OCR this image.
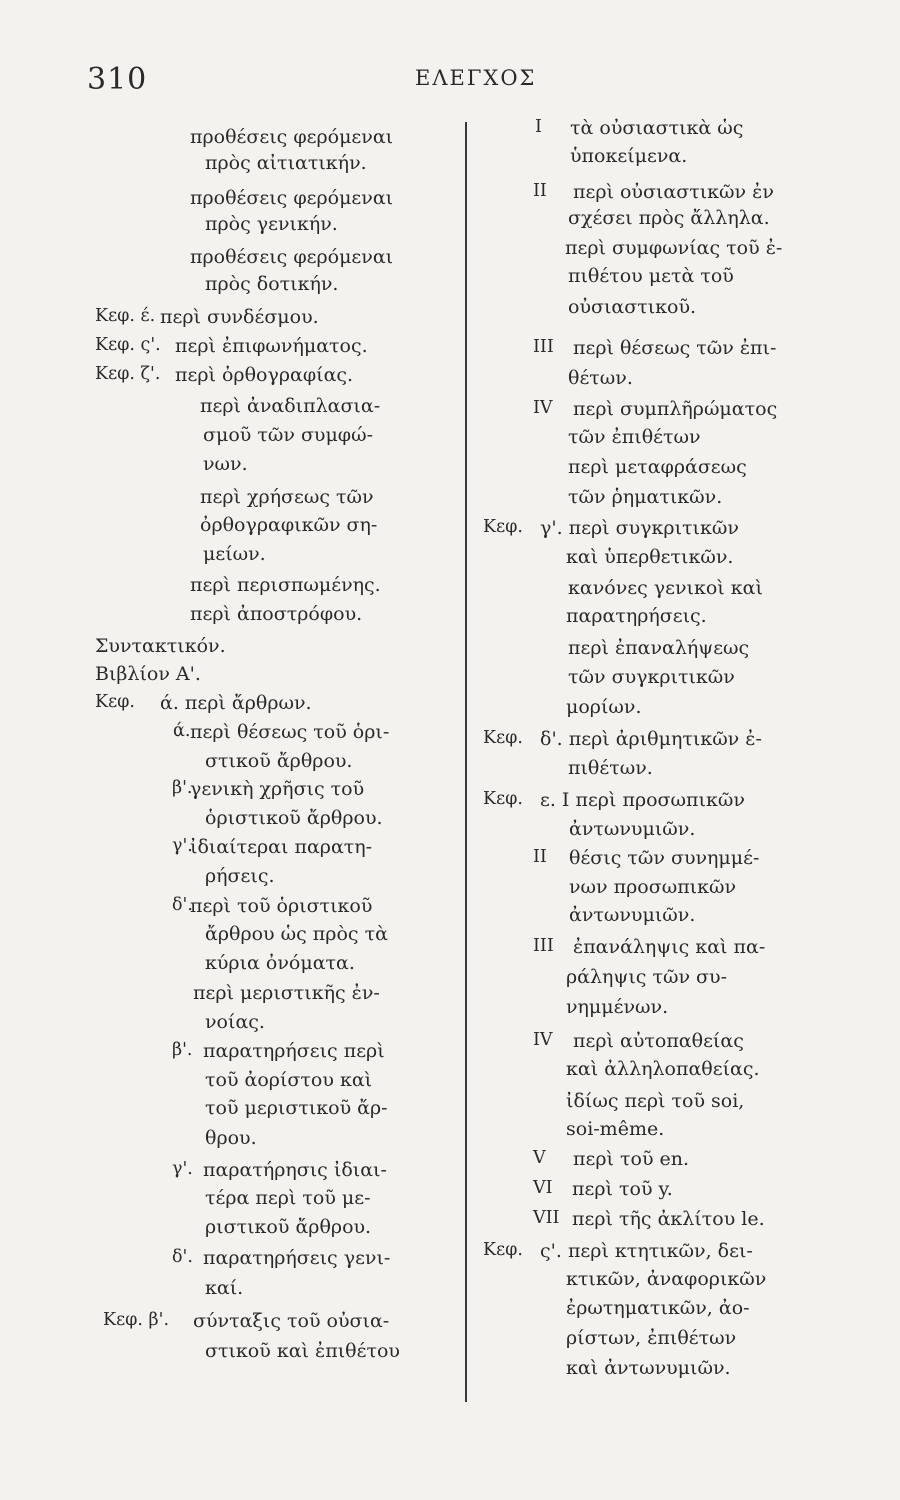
310	ΕΛΕΓΧΟΣ
προθέσεις φερόμεναι
πρὸς αἰτιατικήν.
προθέσεις φερόμεναι
πρὸς γενικήν.
προθέσεις φερόμεναι
πρὸς δοτικήν.
Κεφ. έ. περὶ συνδέσμου.
Κεφ. ς'. περὶ ἐπιφωνήματος.
Κεφ. ζ'. περὶ ὀρθογραφίας.
περὶ ἀναδιπλασια-
σμοῦ τῶν συμφώ-
νων.
περὶ χρήσεως τῶν
ὀρθογραφικῶν ση-
μείων.
περὶ περισπωμένης.
περὶ ἀποστρόφου.
Συντακτικόν.
Βιβλίον Α'.
Κεφ. ά. περὶ ἄρθρων.
ά. περὶ θέσεως τοῦ ὁρι-
στικοῦ ἄρθρου.
β'.
γενικὴ χρῆσις τοῦ
ὁριστικοῦ ἄρθρου.
γ'.
ἰδιαίτεραι παρατη-
ρήσεις.
δ'.
περὶ τοῦ ὁριστικοῦ
ἄρθρου ὡς πρὸς τὰ
κύρια ὀνόματα.
περὶ μεριστικῆς ἐν-
νοίας.
β'. παρατηρήσεις περὶ
τοῦ ἀορίστου καὶ
τοῦ μεριστικοῦ ἄρ-
θρου.
γ'. παρατήρησις ἰδιαι-
τέρα περὶ τοῦ με-
ριστικοῦ ἄρθρου.
δ'. παρατηρήσεις γενι-
καί.
Κεφ. β'. σύνταξις τοῦ οὐσια-
στικοῦ καὶ ἐπιθέτου
I τὰ οὐσιαστικὰ ὡς
ὑποκείμενα.
II περὶ οὐσιαστικῶν ἐν
σχέσει πρὸς ἄλληλα.
περὶ συμφωνίας τοῦ ἐ-
πιθέτου μετὰ τοῦ
οὐσιαστικοῦ.
III περὶ θέσεως τῶν ἐπι-
θέτων.
IV περὶ συμπλῆρώματος
τῶν ἐπιθέτων
περὶ μεταφράσεως
τῶν ῥηματικῶν.
Κεφ. γ'. περὶ συγκριτικῶν
καὶ ὑπερθετικῶν.
κανόνες γενικοὶ καὶ
παρατηρήσεις.
περὶ ἐπαναλήψεως
τῶν συγκριτικῶν
μορίων.
Κεφ. δ'. περὶ ἀριθμητικῶν ἐ-
πιθέτων.
Κεφ. ε. I περὶ προσωπικῶν
ἀντωνυμιῶν.
II θέσις τῶν συνημμέ-
νων προσωπικῶν
ἀντωνυμιῶν.
III ἐπανάληψις καὶ πα-
ράληψις τῶν συ-
νημμένων.
IV περὶ αὐτοπαθείας
καὶ ἀλληλοπαθείας.
ἰδίως περὶ τοῦ soi,
soi-même.
V περὶ τοῦ en.
VI περὶ τοῦ y.
VII περὶ τῆς ἀκλίτου le.
Κεφ. ς'. περὶ κτητικῶν, δει-
κτικῶν, ἀναφορικῶν
ἐρωτηματικῶν, ἀο-
ρίστων, ἐπιθέτων
καὶ ἀντωνυμιῶν.
